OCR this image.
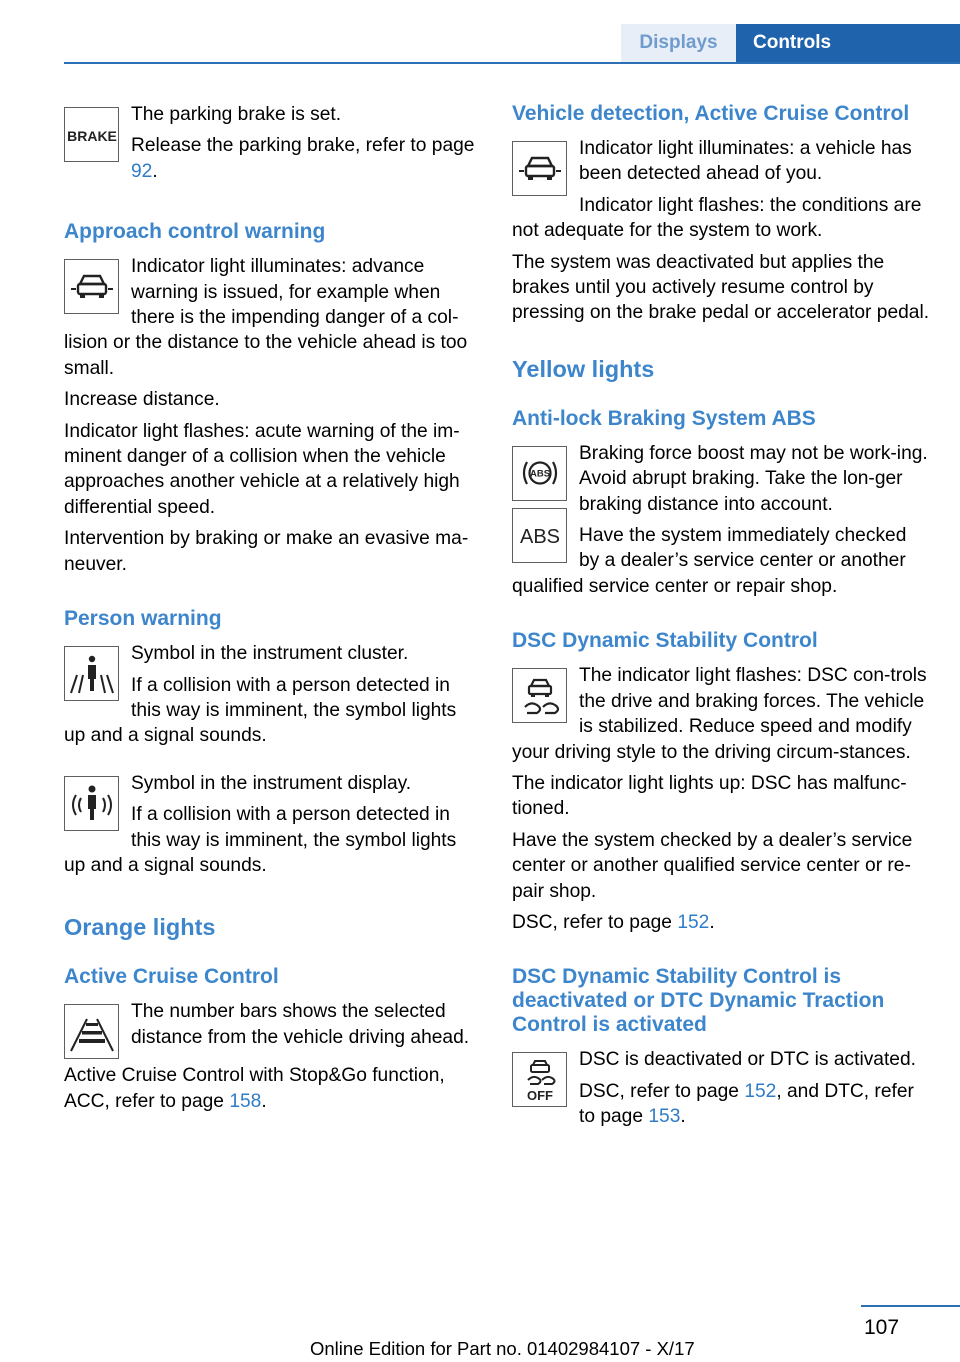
Displays Controls
BRAKE

The parking brake is set.

Release the parking brake, refer to page 92.

Approach control warning

Indicator light illuminates: advance warning is issued, for example when there is the impending danger of a col‐lision or the distance to the vehicle ahead is too small.

Increase distance.

Indicator light flashes: acute warning of the im‐minent danger of a collision when the vehicle approaches another vehicle at a relatively high differential speed.

Intervention by braking or make an evasive ma‐neuver.

Person warning

Symbol in the instrument cluster.

If a collision with a person detected in this way is imminent, the symbol lights up and a signal sounds.

Symbol in the instrument display.

If a collision with a person detected in this way is imminent, the symbol lights up and a signal sounds.

Orange lights
Active Cruise Control

The number bars shows the selected distance from the vehicle driving ahead.

Active Cruise Control with Stop&Go function, ACC, refer to page 158.

Vehicle detection, Active Cruise Control

Indicator light illuminates: a vehicle has been detected ahead of you.

Indicator light flashes: the conditions are not adequate for the system to work.

The system was deactivated but applies the brakes until you actively resume control by pressing on the brake pedal or accelerator pedal.

Yellow lights
Anti-lock Braking System ABS
ABS
ABS

Braking force boost may not be work‐ing. Avoid abrupt braking. Take the lon‐ger braking distance into account.

Have the system immediately checked by a dealer’s service center or another qualified service center or repair shop.

DSC Dynamic Stability Control

The indicator light flashes: DSC con‐trols the drive and braking forces. The vehicle is stabilized. Reduce speed and modify your driving style to the driving circum‐stances.

The indicator light lights up: DSC has malfunc‐tioned.

Have the system checked by a dealer’s service center or another qualified service center or re‐pair shop.

DSC, refer to page 152.

DSC Dynamic Stability Control is deactivated or DTC Dynamic Traction Control is activated
OFF

DSC is deactivated or DTC is activated.

DSC, refer to page 152, and DTC, refer to page 153.

107
Online Edition for Part no. 01402984107 - X/17
